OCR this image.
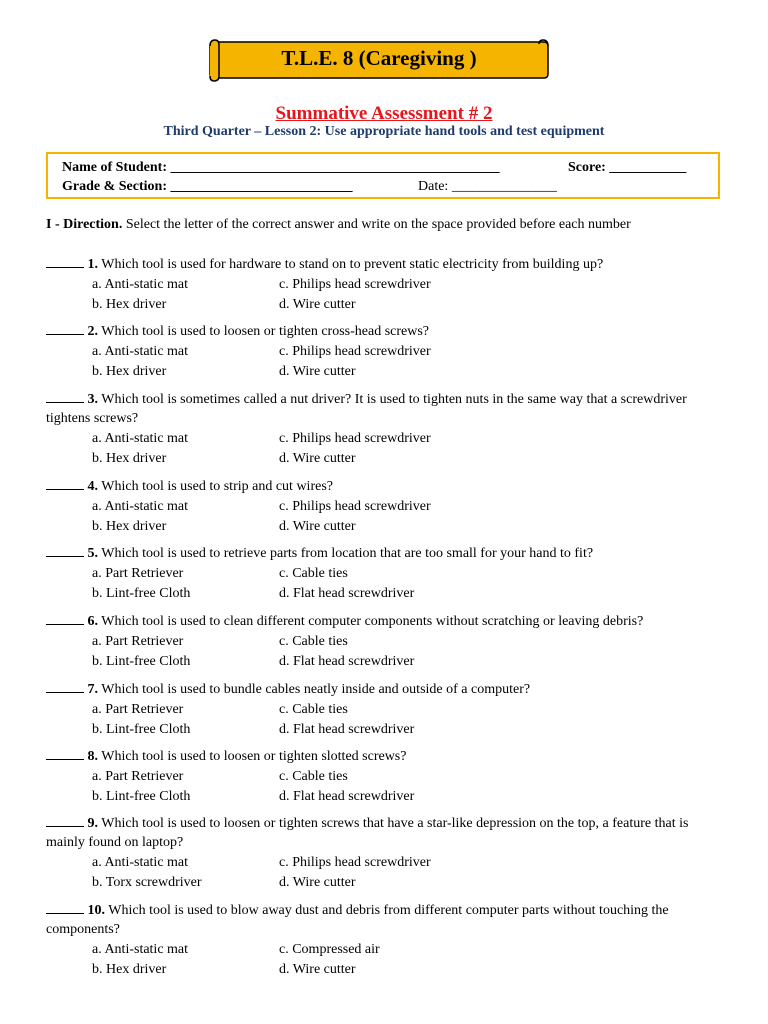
T.L.E. 8 (Caregiving )
Summative Assessment # 2
Third Quarter – Lesson 2: Use appropriate hand tools and test equipment
Name of Student: _______________________________________________	Score: ___________
Grade & Section: __________________________	Date: _______________
I - Direction. Select the letter of the correct answer and write on the space provided before each number
1. Which tool is used for hardware to stand on to prevent static electricity from building up?
a. Anti-static mat	c. Philips head screwdriver
b. Hex driver	d. Wire cutter
2. Which tool is used to loosen or tighten cross-head screws?
a. Anti-static mat	c. Philips head screwdriver
b. Hex driver	d. Wire cutter
3. Which tool is sometimes called a nut driver? It is used to tighten nuts in the same way that a screwdriver tightens screws?
a. Anti-static mat	c. Philips head screwdriver
b. Hex driver	d. Wire cutter
4. Which tool is used to strip and cut wires?
a. Anti-static mat	c. Philips head screwdriver
b. Hex driver	d. Wire cutter
5. Which tool is used to retrieve parts from location that are too small for your hand to fit?
a. Part Retriever	c. Cable ties
b. Lint-free Cloth	d. Flat head screwdriver
6. Which tool is used to clean different computer components without scratching or leaving debris?
a. Part Retriever	c. Cable ties
b. Lint-free Cloth	d. Flat head screwdriver
7. Which tool is used to bundle cables neatly inside and outside of a computer?
a. Part Retriever	c. Cable ties
b. Lint-free Cloth	d. Flat head screwdriver
8. Which tool is used to loosen or tighten slotted screws?
a. Part Retriever	c. Cable ties
b. Lint-free Cloth	d. Flat head screwdriver
9. Which tool is used to loosen or tighten screws that have a star-like depression on the top, a feature that is mainly found on laptop?
a. Anti-static mat	c. Philips head screwdriver
b. Torx screwdriver	d. Wire cutter
10. Which tool is used to blow away dust and debris from different computer parts without touching the components?
a. Anti-static mat	c. Compressed air
b. Hex driver	d. Wire cutter
